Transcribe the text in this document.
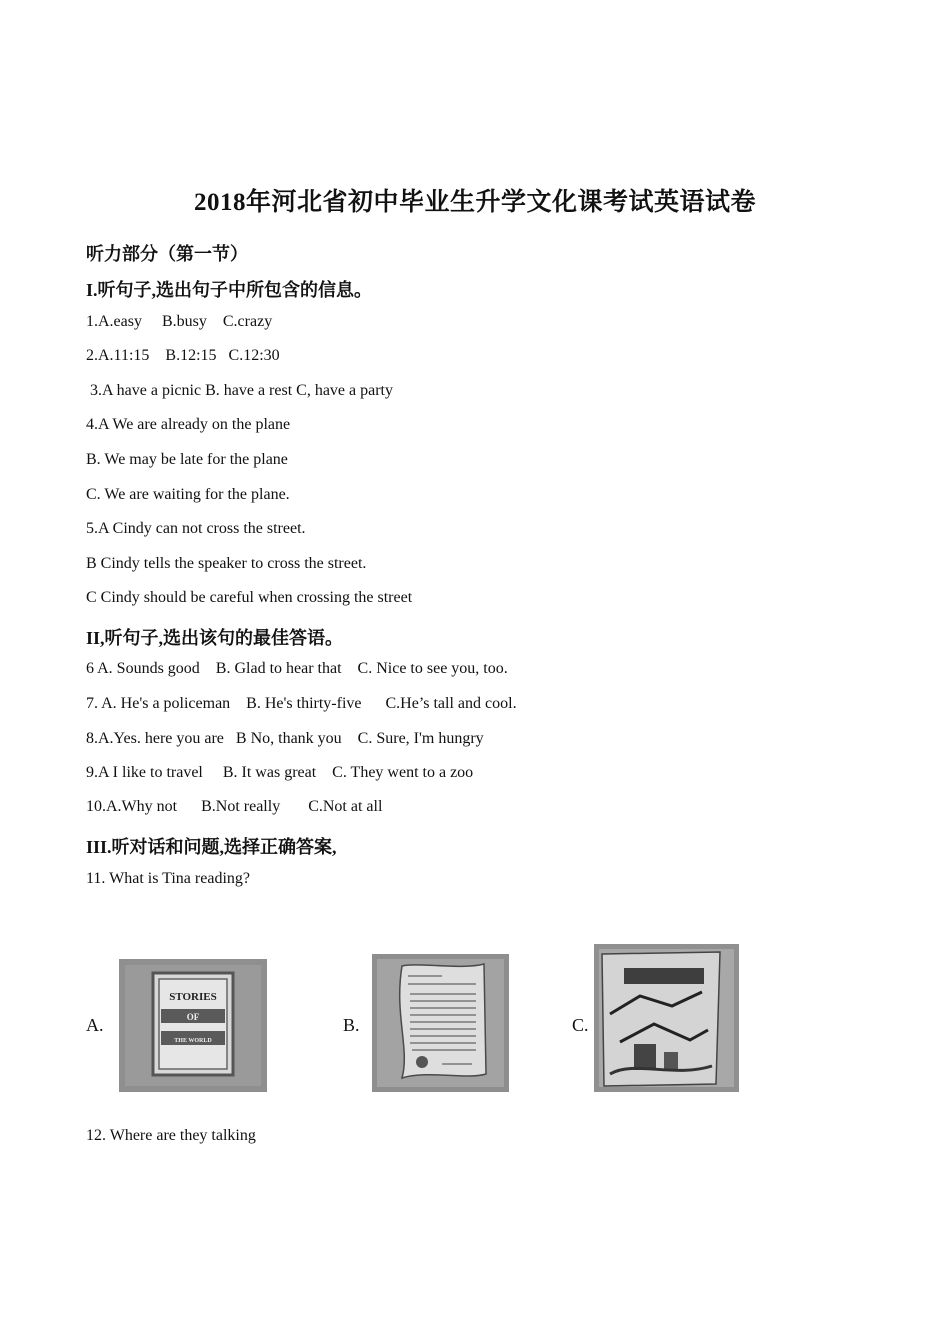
2018年河北省初中毕业生升学文化课考试英语试卷
听力部分（第一节）
I.听句子,选出句子中所包含的信息。
1.A.easy     B.busy    C.crazy
2.A.11:15    B.12:15   C.12:30
3.A have a picnic B. have a rest C, have a party
4.A We are already on the plane
B. We may be late for the plane
C. We are waiting for the plane.
5.A Cindy can not cross the street.
B Cindy tells the speaker to cross the street.
C Cindy should be careful when crossing the street
II,听句子,选出该句的最佳答语。
6 A. Sounds good    B. Glad to hear that    C. Nice to see you, too.
7. A. He's a policeman    B. He's thirty-five      C.He’s tall and cool.
8.A.Yes. here you are   B No, thank you    C. Sure, I'm hungry
9.A I like to travel     B. It was great    C. They went to a zoo
10.A.Why not      B.Not really       C.Not at all
III.听对话和问题,选择正确答案,
11. What is Tina reading?
A.
STORIES
OF
THE WORLD
B.	C.
12. Where are they talking
